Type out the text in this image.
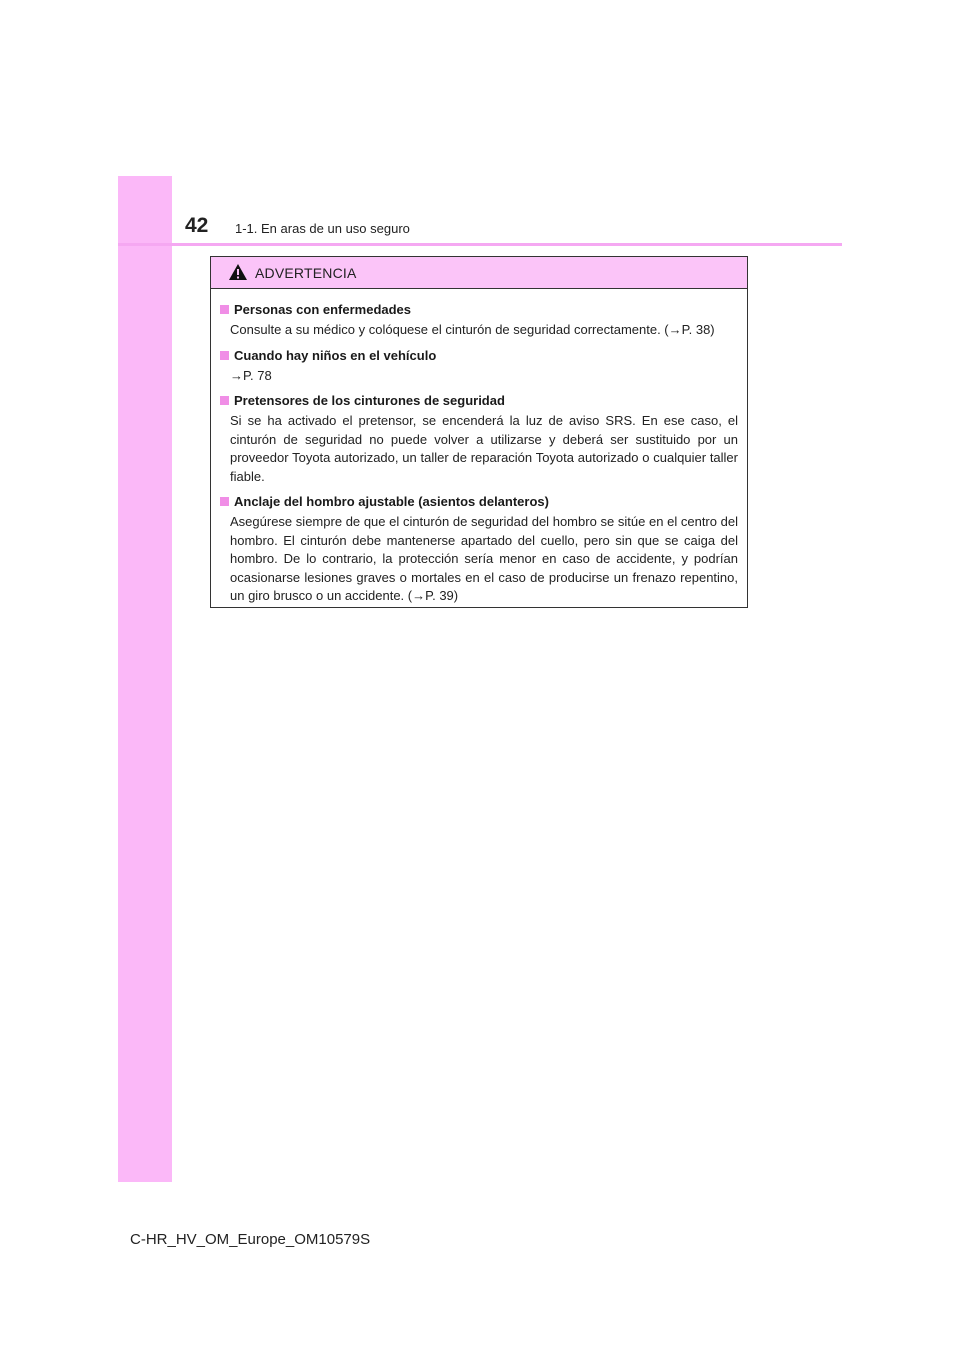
42 1-1. En aras de un uso seguro
ADVERTENCIA
Personas con enfermedades
Consulte a su médico y colóquese el cinturón de seguridad correctamente. (→P. 38)
Cuando hay niños en el vehículo
→P. 78
Pretensores de los cinturones de seguridad
Si se ha activado el pretensor, se encenderá la luz de aviso SRS. En ese caso, el cinturón de seguridad no puede volver a utilizarse y deberá ser sustituido por un proveedor Toyota autorizado, un taller de reparación Toyota autorizado o cualquier taller fiable.
Anclaje del hombro ajustable (asientos delanteros)
Asegúrese siempre de que el cinturón de seguridad del hombro se sitúe en el centro del hombro. El cinturón debe mantenerse apartado del cuello, pero sin que se caiga del hombro. De lo contrario, la protección sería menor en caso de accidente, y podrían ocasionarse lesiones graves o mortales en el caso de producirse un frenazo repentino, un giro brusco o un accidente. (→P. 39)
C-HR_HV_OM_Europe_OM10579S
